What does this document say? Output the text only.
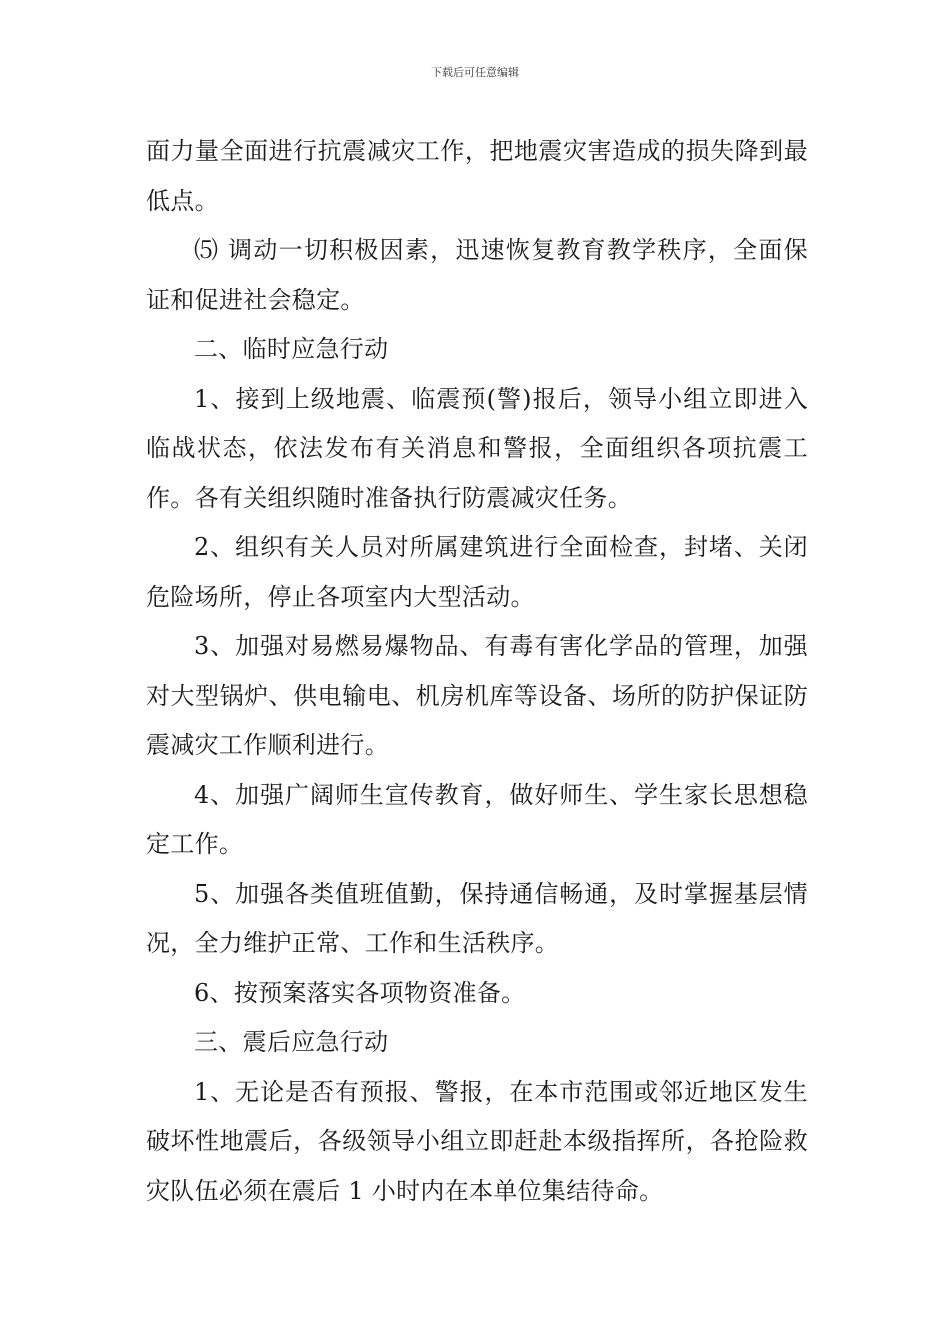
下载后可任意编辑

面力量全面进行抗震减灾工作，把地震灾害造成的损失降到最低点。

⑸ 调动一切积极因素，迅速恢复教育教学秩序，全面保证和促进社会稳定。

二、临时应急行动

1、接到上级地震、临震预(警)报后，领导小组立即进入临战状态，依法发布有关消息和警报，全面组织各项抗震工作。各有关组织随时准备执行防震减灾任务。

2、组织有关人员对所属建筑进行全面检查，封堵、关闭危险场所，停止各项室内大型活动。

3、加强对易燃易爆物品、有毒有害化学品的管理，加强对大型锅炉、供电输电、机房机库等设备、场所的防护保证防震减灾工作顺利进行。

4、加强广阔师生宣传教育，做好师生、学生家长思想稳定工作。

5、加强各类值班值勤，保持通信畅通，及时掌握基层情况，全力维护正常、工作和生活秩序。

6、按预案落实各项物资准备。

三、震后应急行动

1、无论是否有预报、警报，在本市范围或邻近地区发生破坏性地震后，各级领导小组立即赶赴本级指挥所，各抢险救灾队伍必须在震后 1 小时内在本单位集结待命。
